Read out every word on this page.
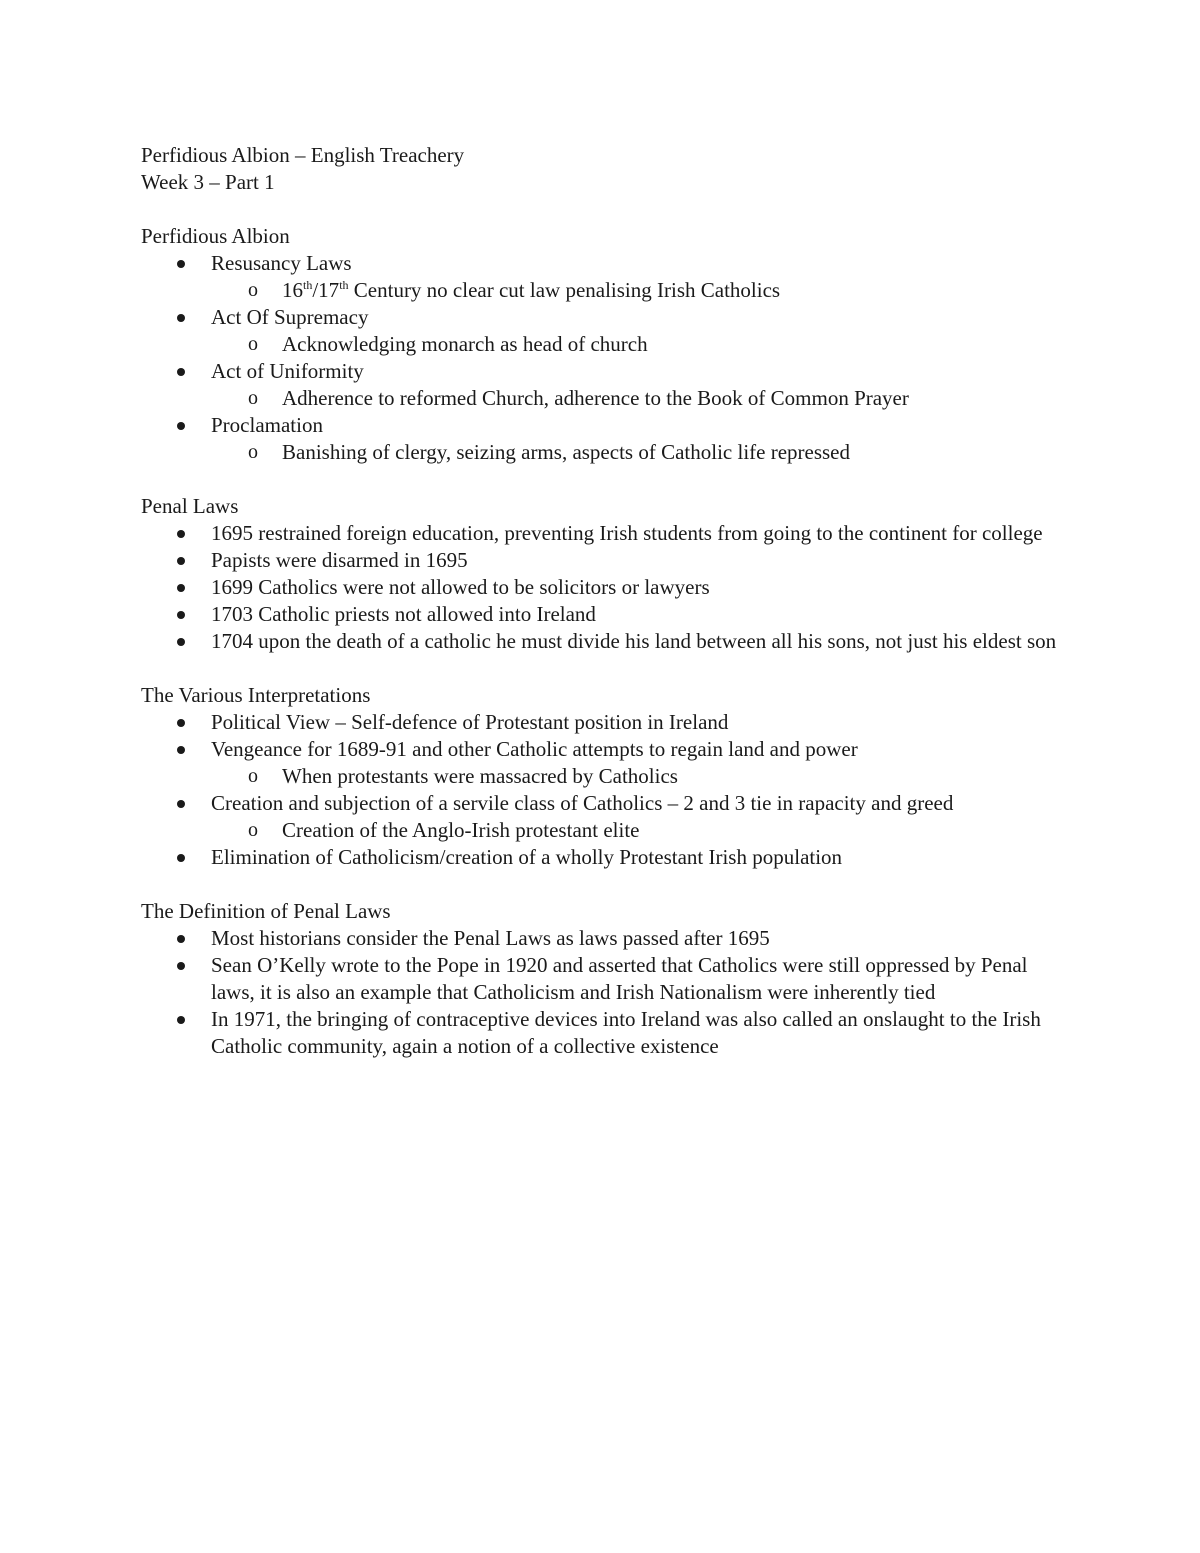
Perfidious Albion – English Treachery
Week 3 – Part 1
Perfidious Albion
Resusancy Laws
o	16th/17th Century no clear cut law penalising Irish Catholics
Act Of Supremacy
o	Acknowledging monarch as head of church
Act of Uniformity
o	Adherence to reformed Church, adherence to the Book of Common Prayer
Proclamation
o	Banishing of clergy, seizing arms, aspects of Catholic life repressed
Penal Laws
1695 restrained foreign education, preventing Irish students from going to the continent for college
Papists were disarmed in 1695
1699 Catholics were not allowed to be solicitors or lawyers
1703 Catholic priests not allowed into Ireland
1704 upon the death of a catholic he must divide his land between all his sons, not just his eldest son
The Various Interpretations
Political View – Self-defence of Protestant position in Ireland
Vengeance for 1689-91 and other Catholic attempts to regain land and power
o	When protestants were massacred by Catholics
Creation and subjection of a servile class of Catholics – 2 and 3 tie in rapacity and greed
o	Creation of the Anglo-Irish protestant elite
Elimination of Catholicism/creation of a wholly Protestant Irish population
The Definition of Penal Laws
Most historians consider the Penal Laws as laws passed after 1695
Sean O’Kelly wrote to the Pope in 1920 and asserted that Catholics were still oppressed by Penal laws, it is also an example that Catholicism and Irish Nationalism were inherently tied
In 1971, the bringing of contraceptive devices into Ireland was also called an onslaught to the Irish Catholic community, again a notion of a collective existence
